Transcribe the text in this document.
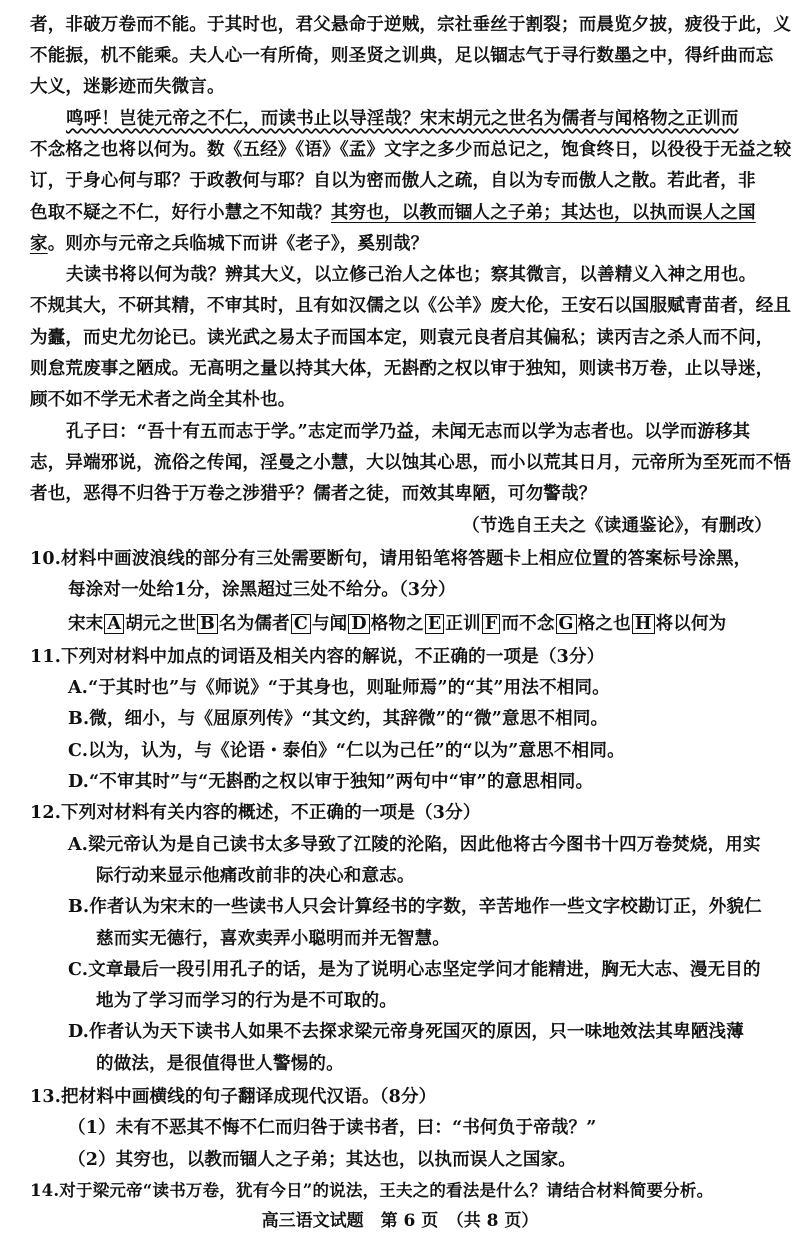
者，非破万卷而不能。于其时也，君父悬命于逆贼，宗社垂丝于割裂；而晨览夕披，疲役于此，义
不能振，机不能乘。夫人心一有所倚，则圣贤之训典，足以锢志气于寻行数墨之中，得纤曲而忘
大义，迷影迹而失微言。
鸣呼！岂徒元帝之不仁，而读书止以导淫哉？宋末胡元之世名为儒者与闻格物之正训而
不念格之也将以何为。数《五经》《语》《孟》文字之多少而总记之，饱食终日，以役役于无益之较
订，于身心何与耶？于政教何与耶？自以为密而傲人之疏，自以为专而傲人之散。若此者，非
色取不疑之不仁，好行小慧之不知哉？其穷也，以教而锢人之子弟；其达也，以执而误人之国
家。则亦与元帝之兵临城下而讲《老子》，奚别哉？
夫读书将以何为哉？辨其大义，以立修己治人之体也；察其微言，以善精义入神之用也。
不规其大，不研其精，不审其时，且有如汉儒之以《公羊》废大伦，王安石以国服赋青苗者，经且
为蠹，而史尤勿论已。读光武之易太子而国本定，则袁元良者启其偏私；读丙吉之杀人而不问，
则怠荒废事之陋成。无高明之量以持其大体，无斟酌之权以审于独知，则读书万卷，止以导迷，
顾不如不学无术者之尚全其朴也。
孔子曰：“吾十有五而志于学。”志定而学乃益，未闻无志而以学为志者也。以学而游移其
志，异端邪说，流俗之传闻，淫曼之小慧，大以蚀其心思，而小以荒其日月，元帝所为至死而不悟
者也，恶得不归咎于万卷之涉猎乎？儒者之徒，而效其卑陋，可勿警哉？
（节选自王夫之《读通鉴论》，有删改）
10.材料中画波浪线的部分有三处需要断句，请用铅笔将答题卡上相应位置的答案标号涂黑，
每涂对一处给1分，涂黑超过三处不给分。（3分）
宋末 A 胡元之世 B 名为儒者 C 与闻 D 格物之 E 正训 F 而不念 G 格之也 H 将以何为
11.下列对材料中加点的词语及相关内容的解说，不正确的一项是（3分）
A.“于其时也”与《师说》“于其身也，则耻师焉”的“其”用法不相同。
B.微，细小，与《屈原列传》“其文约，其辞微”的“微”意思不相同。
C.以为，认为，与《论语・泰伯》“仁以为己任”的“以为”意思不相同。
D.“不审其时”与“无斟酌之权以审于独知”两句中“审”的意思相同。
12.下列对材料有关内容的概述，不正确的一项是（3分）
A.梁元帝认为是自己读书太多导致了江陵的沦陷，因此他将古今图书十四万卷焚烧，用实
际行动来显示他痛改前非的决心和意志。
B.作者认为宋末的一些读书人只会计算经书的字数，辛苦地作一些文字校勘订正，外貌仁
慈而实无德行，喜欢卖弄小聪明而并无智慧。
C.文章最后一段引用孔子的话，是为了说明心志坚定学问才能精进，胸无大志、漫无目的
地为了学习而学习的行为是不可取的。
D.作者认为天下读书人如果不去探求梁元帝身死国灭的原因，只一味地效法其卑陋浅薄
的做法，是很值得世人警惕的。
13.把材料中画横线的句子翻译成现代汉语。（8分）
（1）未有不恶其不悔不仁而归咎于读书者，曰：“书何负于帝哉？”
（2）其穷也，以教而锢人之子弟；其达也，以执而误人之国家。
14.对于梁元帝“读书万卷，犹有今日”的说法，王夫之的看法是什么？请结合材料简要分析。
高三语文试题　第 6 页　（共 8 页）
